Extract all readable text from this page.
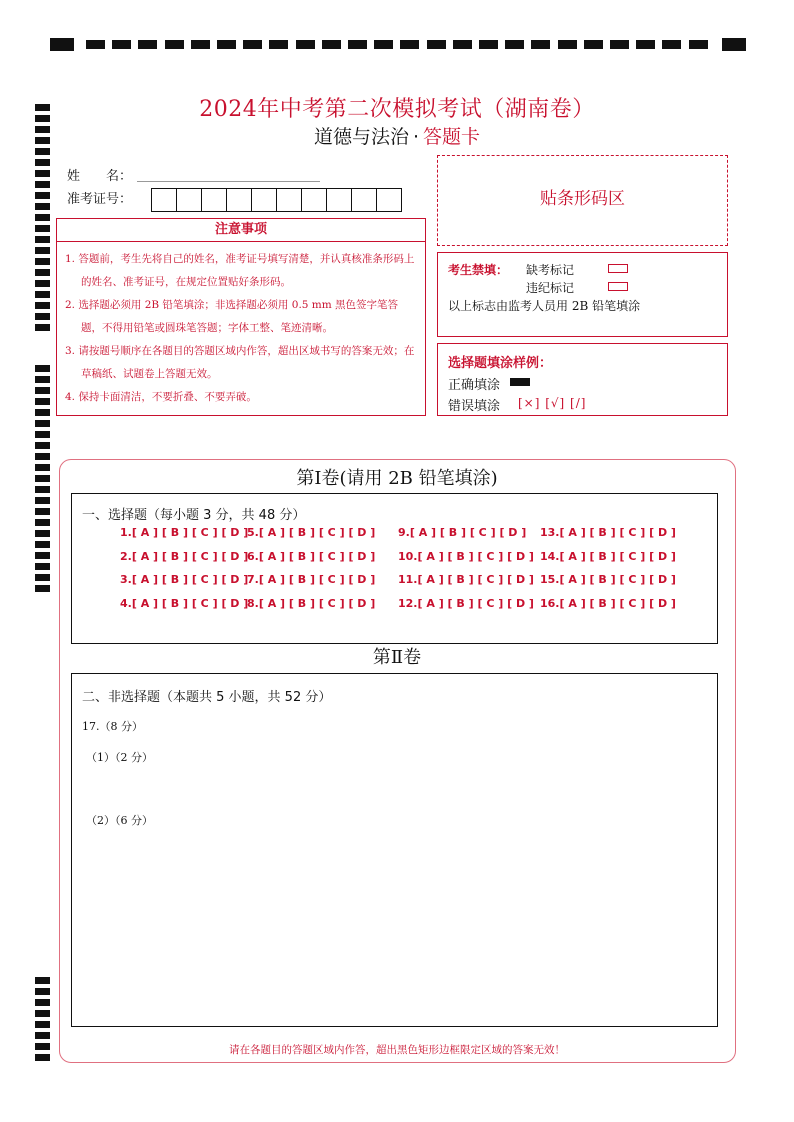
2024年中考第二次模拟考试（湖南卷）
道德与法治 · 答题卡
姓　　名：
准考证号：
注意事项
1. 答题前，考生先将自己的姓名，准考证号填写清楚，并认真核准条形码上的姓名、准考证号，在规定位置贴好条形码。
2. 选择题必须用 2B 铅笔填涂；非选择题必须用 0.5 mm 黑色签字笔答题，不得用铅笔或圆珠笔答题；字体工整、笔迹清晰。
3. 请按题号顺序在各题目的答题区域内作答，超出区域书写的答案无效；在草稿纸、试题卷上答题无效。
4. 保持卡面清洁，不要折叠、不要弄破。
贴条形码区
考生禁填： 缺考标记
违纪标记
以上标志由监考人员用 2B 铅笔填涂
选择题填涂样例：
正确填涂
错误填涂 [×] [√] [/]
第Ⅰ卷(请用 2B 铅笔填涂)
一、选择题（每小题 3 分，共 48 分）
1.[ A ] [ B ] [ C ] [ D ]
2.[ A ] [ B ] [ C ] [ D ]
3.[ A ] [ B ] [ C ] [ D ]
4.[ A ] [ B ] [ C ] [ D ]
5.[ A ] [ B ] [ C ] [ D ]
6.[ A ] [ B ] [ C ] [ D ]
7.[ A ] [ B ] [ C ] [ D ]
8.[ A ] [ B ] [ C ] [ D ]
9.[ A ] [ B ] [ C ] [ D ]
10.[ A ] [ B ] [ C ] [ D ]
11.[ A ] [ B ] [ C ] [ D ]
12.[ A ] [ B ] [ C ] [ D ]
13.[ A ] [ B ] [ C ] [ D ]
14.[ A ] [ B ] [ C ] [ D ]
15.[ A ] [ B ] [ C ] [ D ]
16.[ A ] [ B ] [ C ] [ D ]
第Ⅱ卷
二、非选择题（本题共 5 小题，共 52 分）
17.（8 分）
（1）（2 分）
（2）（6 分）
请在各题目的答题区域内作答，超出黑色矩形边框限定区域的答案无效！
